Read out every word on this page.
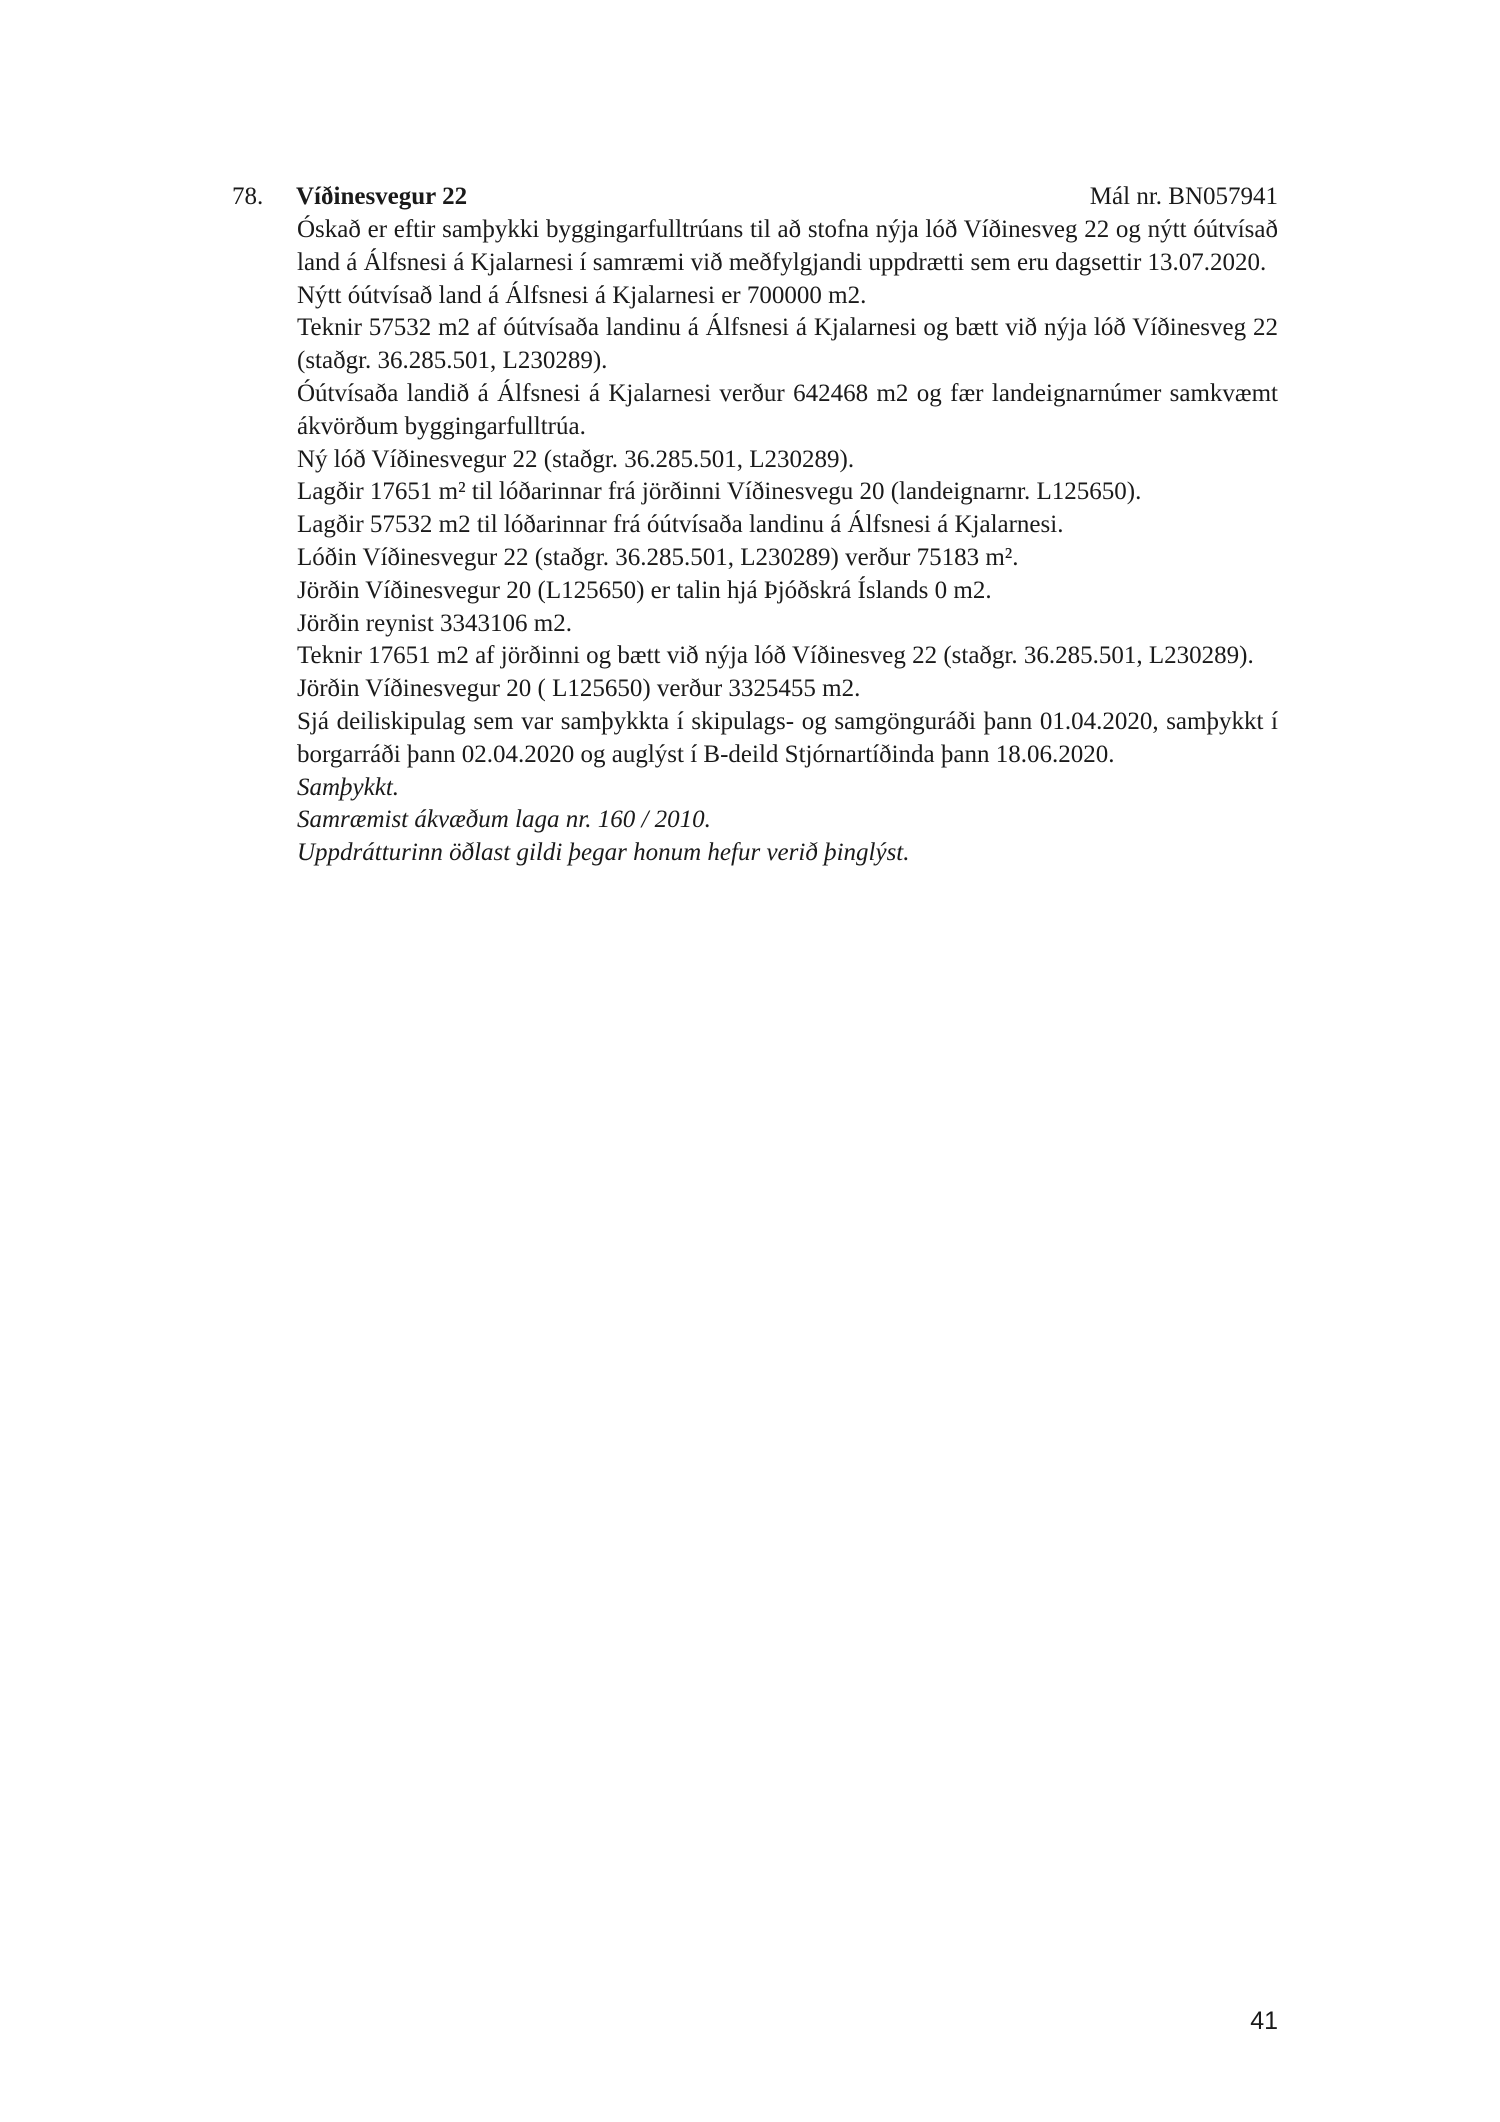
78. Víðinesvegur 22	Mál nr. BN057941

Óskað er eftir samþykki byggingarfulltrúans til að stofna nýja lóð Víðinesveg 22 og nýtt óútvísað land á Álfsnesi á Kjalarnesi í samræmi við meðfylgjandi uppdrætti sem eru dagsettir 13.07.2020.

Nýtt óútvísað land á Álfsnesi á Kjalarnesi er 700000 m2.

Teknir 57532 m2 af óútvísaða landinu á Álfsnesi á Kjalarnesi og bætt við nýja lóð Víðinesveg 22 (staðgr. 36.285.501, L230289).

Óútvísaða landið á Álfsnesi á Kjalarnesi verður 642468 m2 og fær landeignarnúmer samkvæmt ákvörðum byggingarfulltrúa.

Ný lóð Víðinesvegur 22 (staðgr. 36.285.501, L230289).

Lagðir 17651 m² til lóðarinnar frá jörðinni Víðinesvegu 20 (landeignarnr. L125650).

Lagðir 57532 m2 til lóðarinnar frá óútvísaða landinu á Álfsnesi á Kjalarnesi.

Lóðin Víðinesvegur 22 (staðgr. 36.285.501, L230289) verður 75183 m².

Jörðin Víðinesvegur 20 (L125650) er talin hjá Þjóðskrá Íslands 0 m2.

Jörðin reynist 3343106 m2.

Teknir 17651 m2 af jörðinni og bætt við nýja lóð Víðinesveg 22 (staðgr. 36.285.501, L230289).

Jörðin Víðinesvegur 20 ( L125650) verður 3325455 m2.

Sjá deiliskipulag sem var samþykkta í skipulags- og samgönguráði þann 01.04.2020, samþykkt í borgarráði þann 02.04.2020 og auglýst í B-deild Stjórnartíðinda þann 18.06.2020.

Samþykkt.

Samræmist ákvæðum laga nr. 160 / 2010.

Uppdrátturinn öðlast gildi þegar honum hefur verið þinglýst.

41
